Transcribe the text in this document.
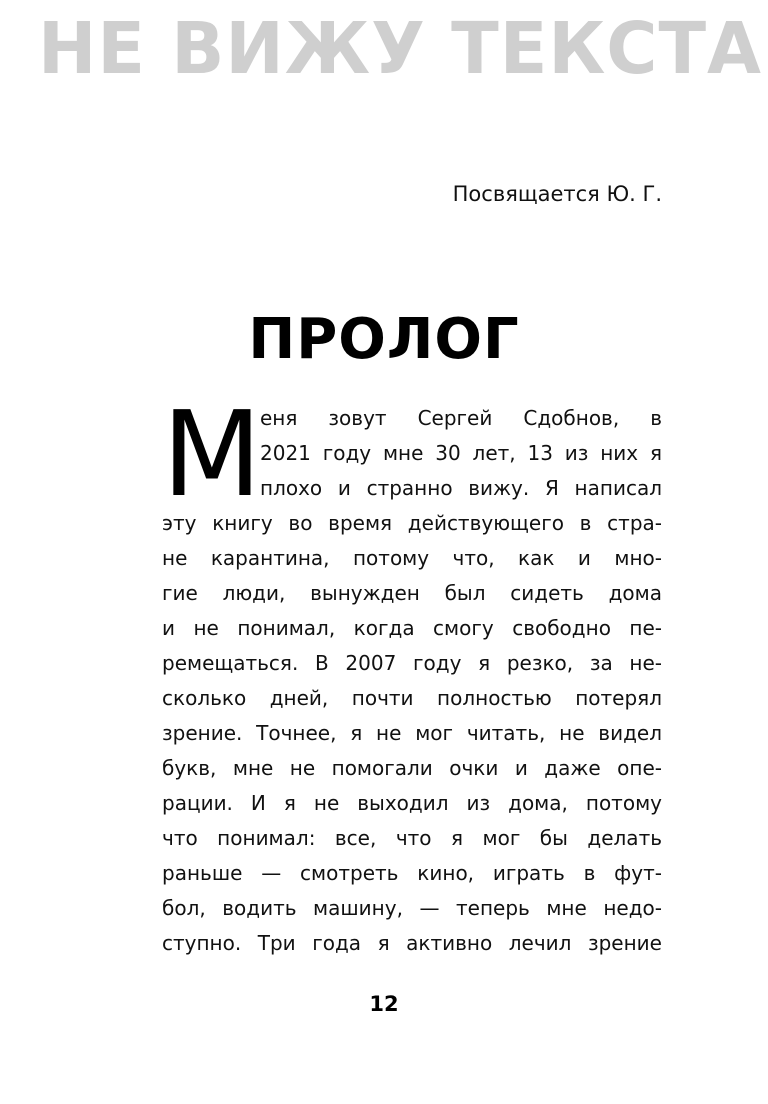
НЕ ВИЖУ ТЕКСТА
Посвящается Ю. Г.
ПРОЛОГ
М
еня зовут Сергей Сдобнов, в
2021 году мне 30 лет, 13 из них я
плохо и странно вижу. Я написал
эту книгу во время действующего в стра-
не карантина, потому что, как и мно-
гие люди, вынужден был сидеть дома
и не понимал, когда смогу свободно пе-
ремещаться. В 2007 году я резко, за не-
сколько дней, почти полностью потерял
зрение. Точнее, я не мог читать, не видел
букв, мне не помогали очки и даже опе-
рации. И я не выходил из дома, потому
что понимал: все, что я мог бы делать
раньше — смотреть кино, играть в фут-
бол, водить машину, — теперь мне недо-
ступно. Три года я активно лечил зрение
12
